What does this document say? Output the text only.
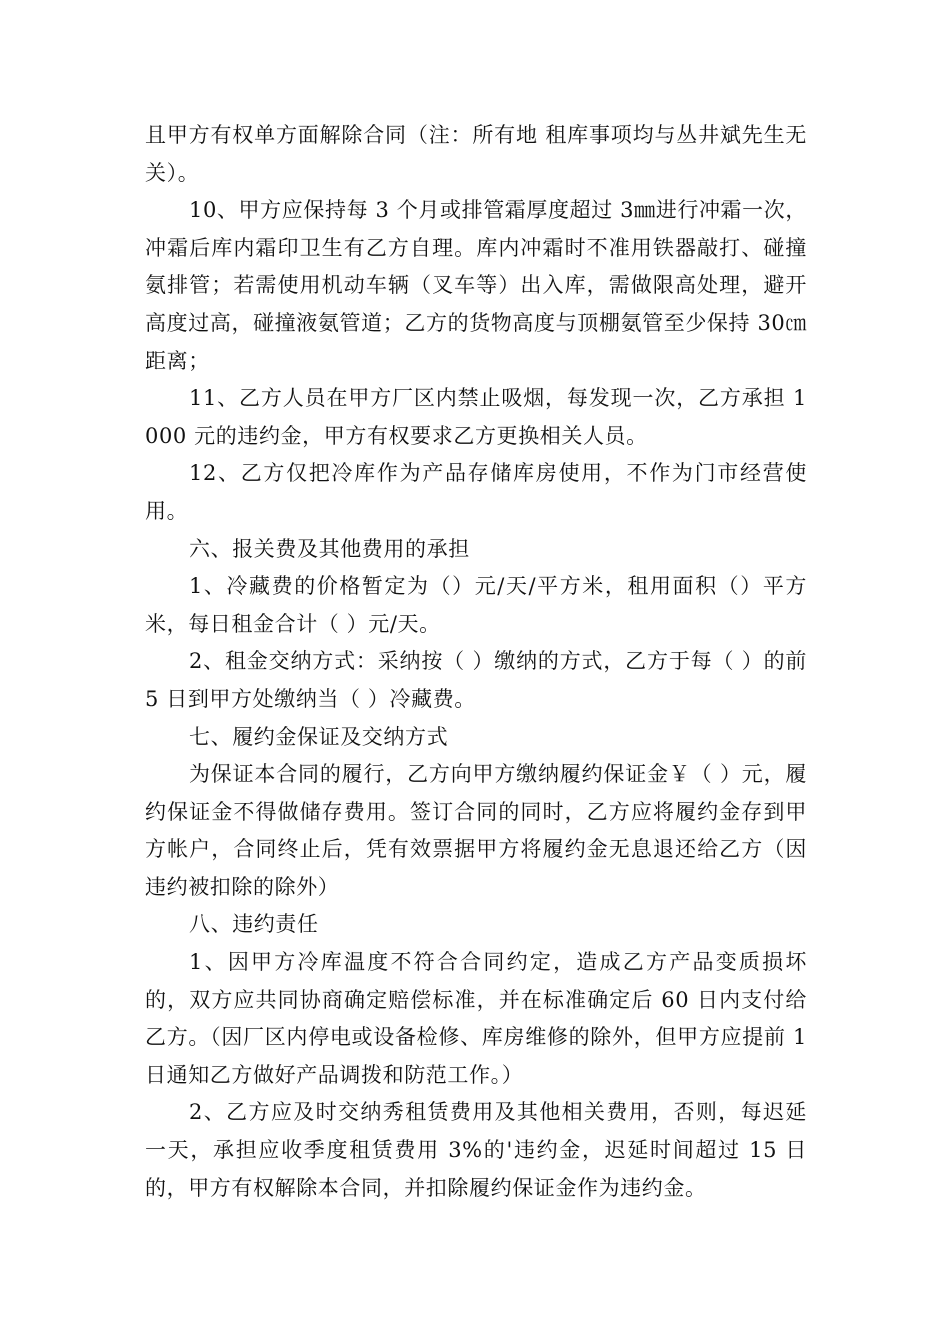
且甲方有权单方面解除合同（注：所有地 租库事项均与丛井斌先生无关）。

10、甲方应保持每 3 个月或排管霜厚度超过 3㎜进行冲霜一次，冲霜后库内霜印卫生有乙方自理。库内冲霜时不准用铁器敲打、碰撞氨排管；若需使用机动车辆（叉车等）出入库，需做限高处理，避开高度过高，碰撞液氨管道；乙方的货物高度与顶棚氨管至少保持 30㎝距离；

11、乙方人员在甲方厂区内禁止吸烟，每发现一次，乙方承担 1000 元的违约金，甲方有权要求乙方更换相关人员。

12、乙方仅把冷库作为产品存储库房使用，不作为门市经营使用。

六、报关费及其他费用的承担

1、冷藏费的价格暂定为（）元/天/平方米，租用面积（）平方米，每日租金合计（ ）元/天。

2、租金交纳方式：采纳按（ ）缴纳的方式，乙方于每（ ）的前 5 日到甲方处缴纳当（ ）冷藏费。

七、履约金保证及交纳方式

为保证本合同的履行，乙方向甲方缴纳履约保证金￥（ ）元，履约保证金不得做储存费用。签订合同的同时，乙方应将履约金存到甲方帐户，合同终止后，凭有效票据甲方将履约金无息退还给乙方（因违约被扣除的除外）

八、违约责任

1、因甲方冷库温度不符合合同约定，造成乙方产品变质损坏的，双方应共同协商确定赔偿标准，并在标准确定后 60 日内支付给乙方。（因厂区内停电或设备检修、库房维修的除外，但甲方应提前 1 日通知乙方做好产品调拨和防范工作。）

2、乙方应及时交纳秀租赁费用及其他相关费用，否则，每迟延一天，承担应收季度租赁费用 3%的'违约金，迟延时间超过 15 日的，甲方有权解除本合同，并扣除履约保证金作为违约金。
